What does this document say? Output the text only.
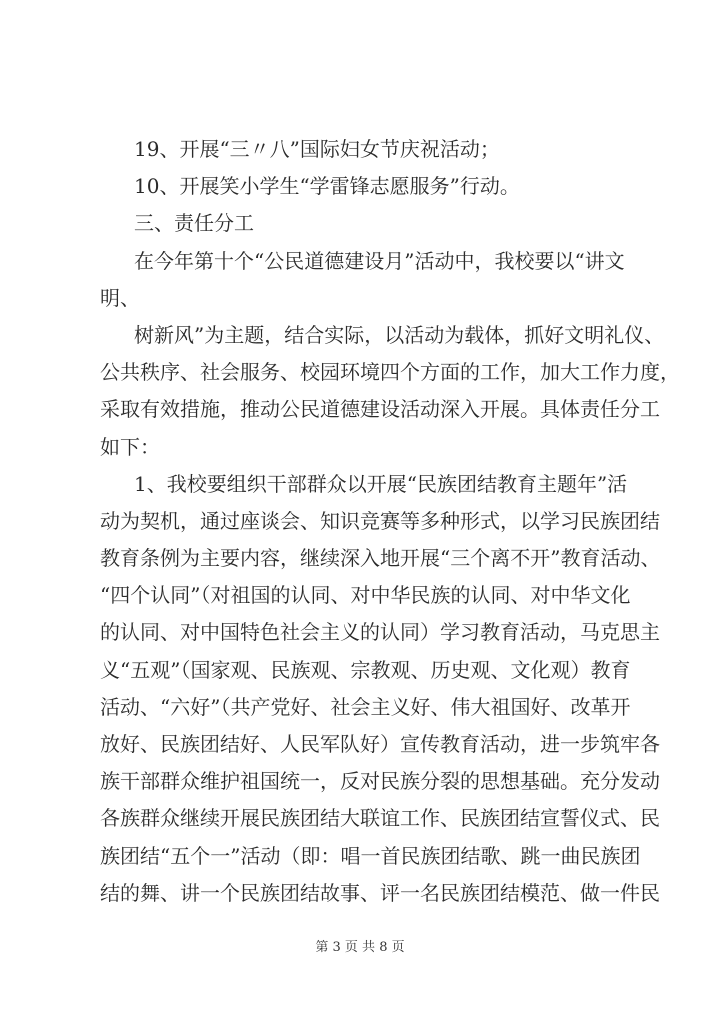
19、开展“三〃八”国际妇女节庆祝活动；
10、开展笑小学生“学雷锋志愿服务”行动。
三、责任分工
在今年第十个“公民道德建设月”活动中，我校要以“讲文
明、
树新风”为主题，结合实际，以活动为载体，抓好文明礼仪、
公共秩序、社会服务、校园环境四个方面的工作，加大工作力度，
采取有效措施，推动公民道德建设活动深入开展。具体责任分工
如下：
1、我校要组织干部群众以开展“民族团结教育主题年”活
动为契机，通过座谈会、知识竞赛等多种形式，以学习民族团结
教育条例为主要内容，继续深入地开展“三个离不开”教育活动、
“四个认同”（对祖国的认同、对中华民族的认同、对中华文化
的认同、对中国特色社会主义的认同）学习教育活动，马克思主
义“五观”（国家观、民族观、宗教观、历史观、文化观）教育
活动、“六好”（共产党好、社会主义好、伟大祖国好、改革开
放好、民族团结好、人民军队好）宣传教育活动，进一步筑牢各
族干部群众维护祖国统一，反对民族分裂的思想基础。充分发动
各族群众继续开展民族团结大联谊工作、民族团结宣誓仪式、民
族团结“五个一”活动（即：唱一首民族团结歌、跳一曲民族团
结的舞、讲一个民族团结故事、评一名民族团结模范、做一件民
第 3 页 共 8 页
